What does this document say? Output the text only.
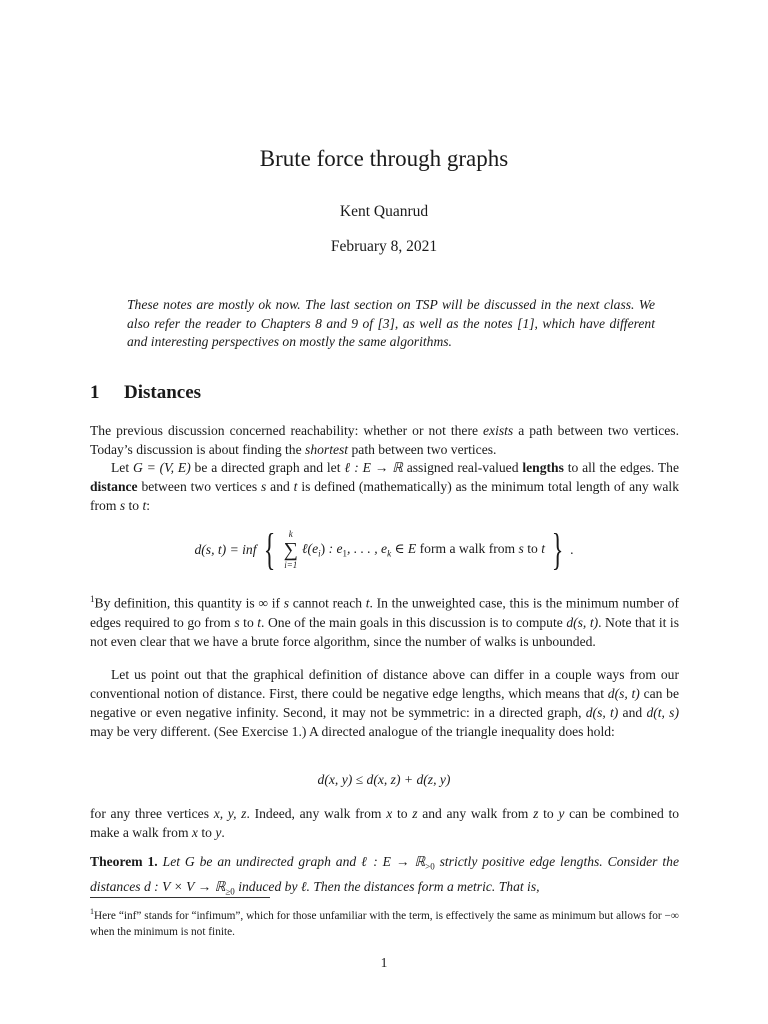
Brute force through graphs
Kent Quanrud
February 8, 2021
These notes are mostly ok now. The last section on TSP will be discussed in the next class. We also refer the reader to Chapters 8 and 9 of [3], as well as the notes [1], which have different and interesting perspectives on mostly the same algorithms.
1 Distances
The previous discussion concerned reachability: whether or not there exists a path between two vertices. Today’s discussion is about finding the shortest path between two vertices.
Let G = (V, E) be a directed graph and let ℓ : E → ℝ assigned real-valued lengths to all the edges. The distance between two vertices s and t is defined (mathematically) as the minimum total length of any walk from s to t:
d(s, t) = inf { k
∑
i=1
$\ell(e_i)$ : $e_1$, . . . , $e_k$ ∈ E form a walk from s to t } .
$^1$By definition, this quantity is ∞ if s cannot reach t. In the unweighted case, this is the minimum number of edges required to go from s to t. One of the main goals in this discussion is to compute d(s, t). Note that it is not even clear that we have a brute force algorithm, since the number of walks is unbounded.
Let us point out that the graphical definition of distance above can differ in a couple ways from our conventional notion of distance. First, there could be negative edge lengths, which means that d(s, t) can be negative or even negative infinity. Second, it may not be symmetric: in a directed graph, d(s, t) and d(t, s) may be very different. (See Exercise 1.) A directed analogue of the triangle inequality does hold:
d(x, y) ≤ d(x, z) + d(z, y)
for any three vertices x, y, z. Indeed, any walk from x to z and any walk from z to y can be combined to make a walk from x to y.
Theorem 1. Let G be an undirected graph and ℓ : E → ℝ$_{>0}$ strictly positive edge lengths. Consider the distances d : V × V → ℝ$_{\ge 0}$ induced by ℓ. Then the distances form a metric. That is,
$^1$Here “inf” stands for “infimum”, which for those unfamiliar with the term, is effectively the same as minimum but allows for −∞ when the minimum is not finite.
1
